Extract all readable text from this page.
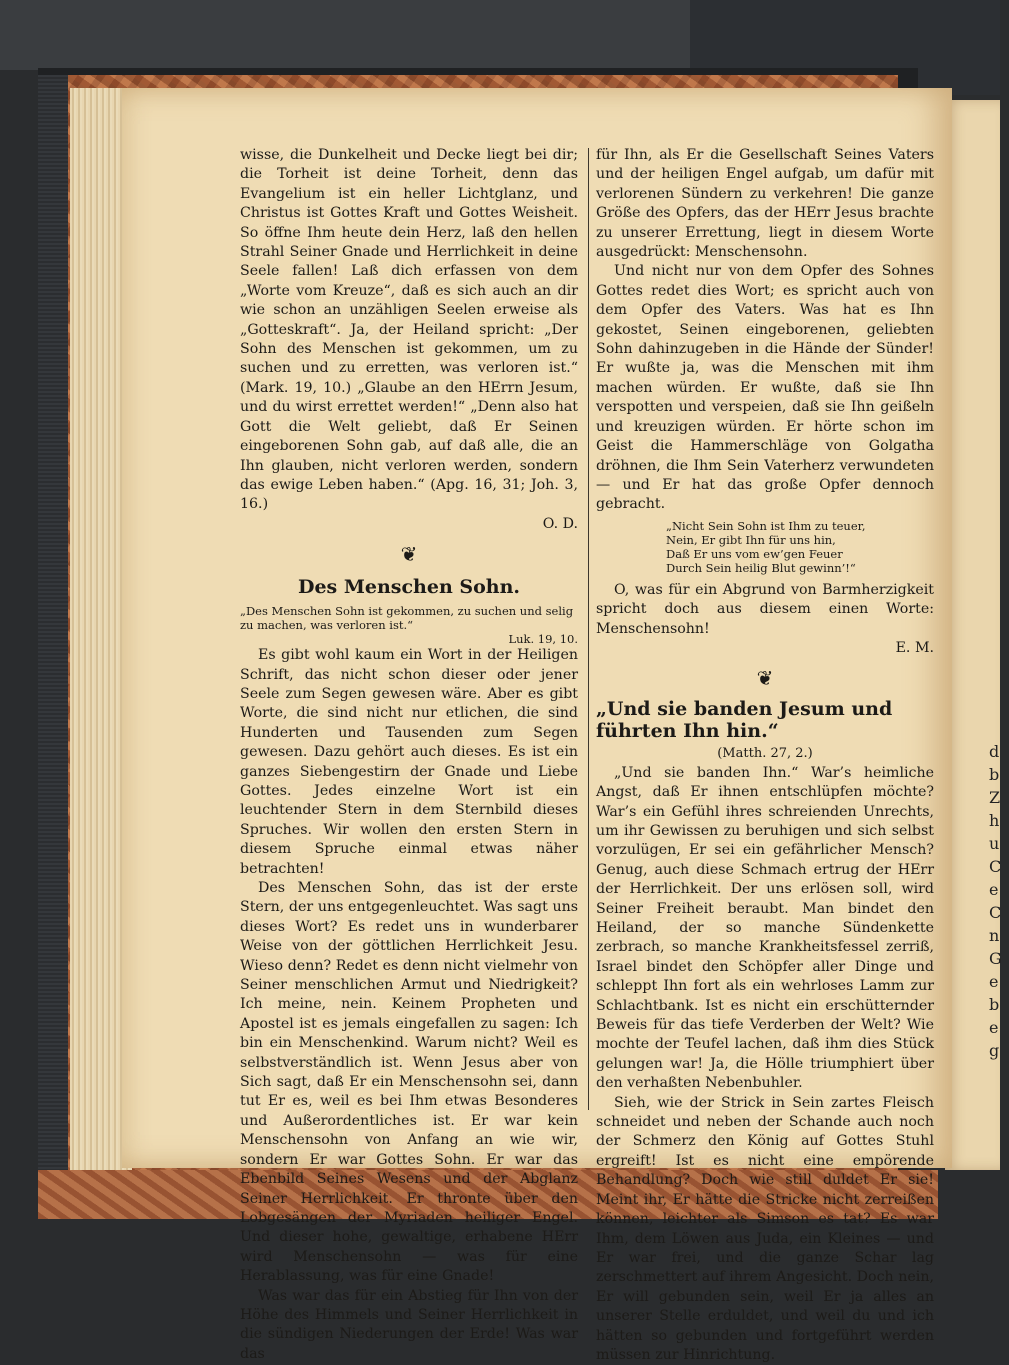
d
b
Z
h
u
C
e
C
n
G
e
b
e
g

wisse, die Dunkelheit und Decke liegt bei dir; die Torheit ist deine Torheit, denn das Evangelium ist ein heller Lichtglanz, und Christus ist Gottes Kraft und Gottes Weisheit. So öffne Ihm heute dein Herz, laß den hellen Strahl Seiner Gnade und Herrlichkeit in deine Seele fallen! Laß dich erfassen von dem „Worte vom Kreuze“, daß es sich auch an dir wie schon an unzähligen Seelen erweise als „Gotteskraft“. Ja, der Heiland spricht: „Der Sohn des Menschen ist gekommen, um zu suchen und zu erretten, was verloren ist.“ (Mark. 19, 10.) „Glaube an den HErrn Jesum, und du wirst errettet werden!“ „Denn also hat Gott die Welt geliebt, daß Er Seinen eingeborenen Sohn gab, auf daß alle, die an Ihn glauben, nicht verloren werden, sondern das ewige Leben haben.“ (Apg. 16, 31; Joh. 3, 16.)

O. D.

❦
Des Menschen Sohn.

„Des Menschen Sohn ist gekommen, zu suchen und selig zu machen, was verloren ist.“

Luk. 19, 10.

Es gibt wohl kaum ein Wort in der Heiligen Schrift, das nicht schon dieser oder jener Seele zum Segen gewesen wäre. Aber es gibt Worte, die sind nicht nur etlichen, die sind Hunderten und Tausenden zum Segen gewesen. Dazu gehört auch dieses. Es ist ein ganzes Siebengestirn der Gnade und Liebe Gottes. Jedes einzelne Wort ist ein leuchtender Stern in dem Sternbild dieses Spruches. Wir wollen den ersten Stern in diesem Spruche einmal etwas näher betrachten!

Des Menschen Sohn, das ist der erste Stern, der uns entgegenleuchtet. Was sagt uns dieses Wort? Es redet uns in wunderbarer Weise von der göttlichen Herrlichkeit Jesu. Wieso denn? Redet es denn nicht vielmehr von Seiner menschlichen Armut und Niedrigkeit? Ich meine, nein. Keinem Propheten und Apostel ist es jemals eingefallen zu sagen: Ich bin ein Menschenkind. Warum nicht? Weil es selbstverständlich ist. Wenn Jesus aber von Sich sagt, daß Er ein Menschensohn sei, dann tut Er es, weil es bei Ihm etwas Besonderes und Außerordentliches ist. Er war kein Menschensohn von Anfang an wie wir, sondern Er war Gottes Sohn. Er war das Ebenbild Seines Wesens und der Abglanz Seiner Herrlichkeit. Er thronte über den Lobgesängen der Myriaden heiliger Engel. Und dieser hohe, gewaltige, erhabene HErr wird Menschensohn — was für eine Herablassung, was für eine Gnade!

Was war das für ein Abstieg für Ihn von der Höhe des Himmels und Seiner Herrlichkeit in die sündigen Niederungen der Erde! Was war das

für Ihn, als Er die Gesellschaft Seines Vaters und der heiligen Engel aufgab, um dafür mit verlorenen Sündern zu verkehren! Die ganze Größe des Opfers, das der HErr Jesus brachte zu unserer Errettung, liegt in diesem Worte ausgedrückt: Menschensohn.

Und nicht nur von dem Opfer des Sohnes Gottes redet dies Wort; es spricht auch von dem Opfer des Vaters. Was hat es Ihn gekostet, Seinen eingeborenen, geliebten Sohn dahinzugeben in die Hände der Sünder! Er wußte ja, was die Menschen mit ihm machen würden. Er wußte, daß sie Ihn verspotten und verspeien, daß sie Ihn geißeln und kreuzigen würden. Er hörte schon im Geist die Hammerschläge von Golgatha dröhnen, die Ihm Sein Vaterherz verwundeten — und Er hat das große Opfer dennoch gebracht.

„Nicht Sein Sohn ist Ihm zu teuer,
Nein, Er gibt Ihn für uns hin,
Daß Er uns vom ew’gen Feuer
Durch Sein heilig Blut gewinn’!“

O, was für ein Abgrund von Barmherzigkeit spricht doch aus diesem einen Worte: Menschensohn!

E. M.

❦
„Und sie banden Jesum und führten Ihn hin.“

(Matth. 27, 2.)

„Und sie banden Ihn.“ War’s heimliche Angst, daß Er ihnen entschlüpfen möchte? War’s ein Gefühl ihres schreienden Unrechts, um ihr Gewissen zu beruhigen und sich selbst vorzulügen, Er sei ein gefährlicher Mensch? Genug, auch diese Schmach ertrug der HErr der Herrlichkeit. Der uns erlösen soll, wird Seiner Freiheit beraubt. Man bindet den Heiland, der so manche Sündenkette zerbrach, so manche Krankheitsfessel zerriß, Israel bindet den Schöpfer aller Dinge und schleppt Ihn fort als ein wehrloses Lamm zur Schlachtbank. Ist es nicht ein erschütternder Beweis für das tiefe Verderben der Welt? Wie mochte der Teufel lachen, daß ihm dies Stück gelungen war! Ja, die Hölle triumphiert über den verhaßten Nebenbuhler.

Sieh, wie der Strick in Sein zartes Fleisch schneidet und neben der Schande auch noch der Schmerz den König auf Gottes Stuhl ergreift! Ist es nicht eine empörende Behandlung? Doch wie still duldet Er sie! Meint ihr, Er hätte die Stricke nicht zerreißen können, leichter als Simson es tat? Es war Ihm, dem Löwen aus Juda, ein Kleines — und Er war frei, und die ganze Schar lag zerschmettert auf ihrem Angesicht. Doch nein, Er will gebunden sein, weil Er ja alles an unserer Stelle erduldet, und weil du und ich hätten so gebunden und fortgeführt werden müssen zur Hinrichtung.
